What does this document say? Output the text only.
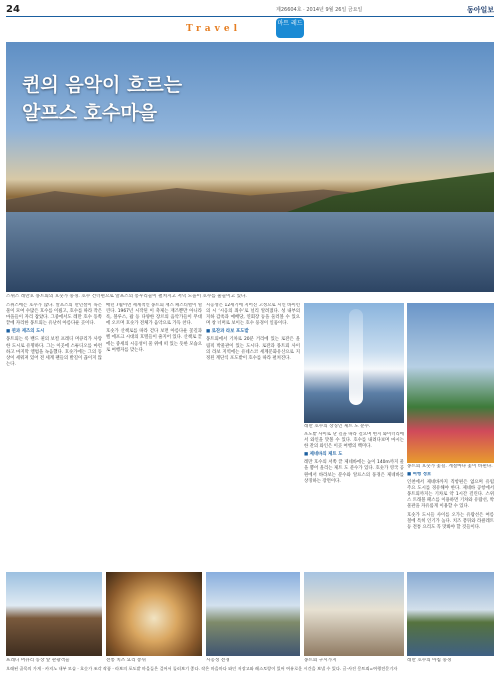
24	제26604호 · 2014년 9월 26일 금요일	동아일보
Travel
마트 레드
퀸의 음악이 흐르는
알프스 호수마을
스위스 레만호 몽트뢰의 호숫가 풍경. 호수 건너편으로 알프스의 봉우리들이 펼쳐지고 저녁 노을이 호수를 물들이고 있다.

스위스에는 호수가 많다. 알프스의 만년설이 녹은 물이 모여 수많은 호수를 이뤘고, 호수를 따라 작은 마을들이 자리 잡았다. 그중에서도 레만 호수 동쪽 끝에 자리한 몽트뢰는 유난히 아름다운 곳이다.

■ 퀸과 재즈의 도시

몽트뢰는 록 밴드 퀸의 보컬 프레디 머큐리가 사랑한 도시로 유명하다. 그는 이곳에 스튜디오를 마련하고 마지막 앨범을 녹음했다. 호숫가에는 그의 동상이 세워져 있어 전 세계 팬들의 발길이 끊이지 않는다.

매년 7월이면 세계적인 몽트뢰 재즈 페스티벌이 열린다. 1967년 시작된 이 축제는 재즈뿐만 아니라 록, 블루스, 팝 등 다양한 장르의 음악가들이 무대에 오르며 호숫가 전체가 음악으로 가득 찬다.

호숫가 산책로를 따라 걷다 보면 아름다운 꽃길과 벨 에포크 시대의 호텔들이 줄지어 있다. 산책로 끝에는 중세의 시옹성이 물 위에 떠 있는 듯한 모습으로 여행자를 맞는다.

시옹성은 12세기에 지어진 고성으로 시인 바이런의 시 ‘시옹의 죄수’로 널리 알려졌다. 성 내부의 지하 감옥과 예배당, 연회장 등을 둘러볼 수 있으며 창 너머로 보이는 호수 풍경이 일품이다.

■ 로잔과 라보 포도밭

몽트뢰에서 기차로 20분 거리에 있는 로잔은 올림픽 박물관이 있는 도시다. 로잔과 몽트뢰 사이의 라보 지역에는 유네스코 세계문화유산으로 지정된 계단식 포도밭이 호수를 따라 펼쳐진다.

레만 호수의 상징인 제트 도 분수.
몽트뢰 호숫가 꽃길. 계절마다 꽃이 바뀐다.

포도밭 사이로 난 길을 따라 걸으며 현지 와이너리에서 와인을 맛볼 수 있다. 호수를 내려다보며 마시는 한 잔의 와인은 이곳 여행의 백미다.

■ 제네바의 제트 도

레만 호수의 서쪽 끝 제네바에는 높이 140m까지 물을 뿜어 올리는 제트 도 분수가 있다. 호숫가 영국 공원에서 바라보는 분수와 알프스의 풍경은 제네바를 상징하는 장면이다.

■ 여행 정보

인천에서 제네바까지 직항편은 없으며 유럽 주요 도시를 경유해야 한다. 제네바 공항에서 몽트뢰까지는 기차로 약 1시간 걸린다. 스위스 트래블 패스를 이용하면 기차와 유람선, 박물관을 자유롭게 이용할 수 있다.

호숫가 도시들 사이를 오가는 유람선은 여름철에 특히 인기가 높다. 치즈 퐁뒤와 라클레트 등 전통 요리도 꼭 맛봐야 할 것들이다.

프레디 머큐리 동상 앞 관광객들	전통 치즈 요리 퐁뒤	시옹성 전경	몽트뢰 구시가지	레만 호수의 아침 풍경
오래된 골목의 가게 · 카지노 내부 모습 · 호숫가 조각 작품 · 라보의 포도밭 마을들은 걸어서 둘러보기 좋다. 작은 마을마다 와인 저장고와 레스토랑이 있어 여유로운 시간을 보낼 수 있다. 글·사진 몽트뢰=여행전문기자
